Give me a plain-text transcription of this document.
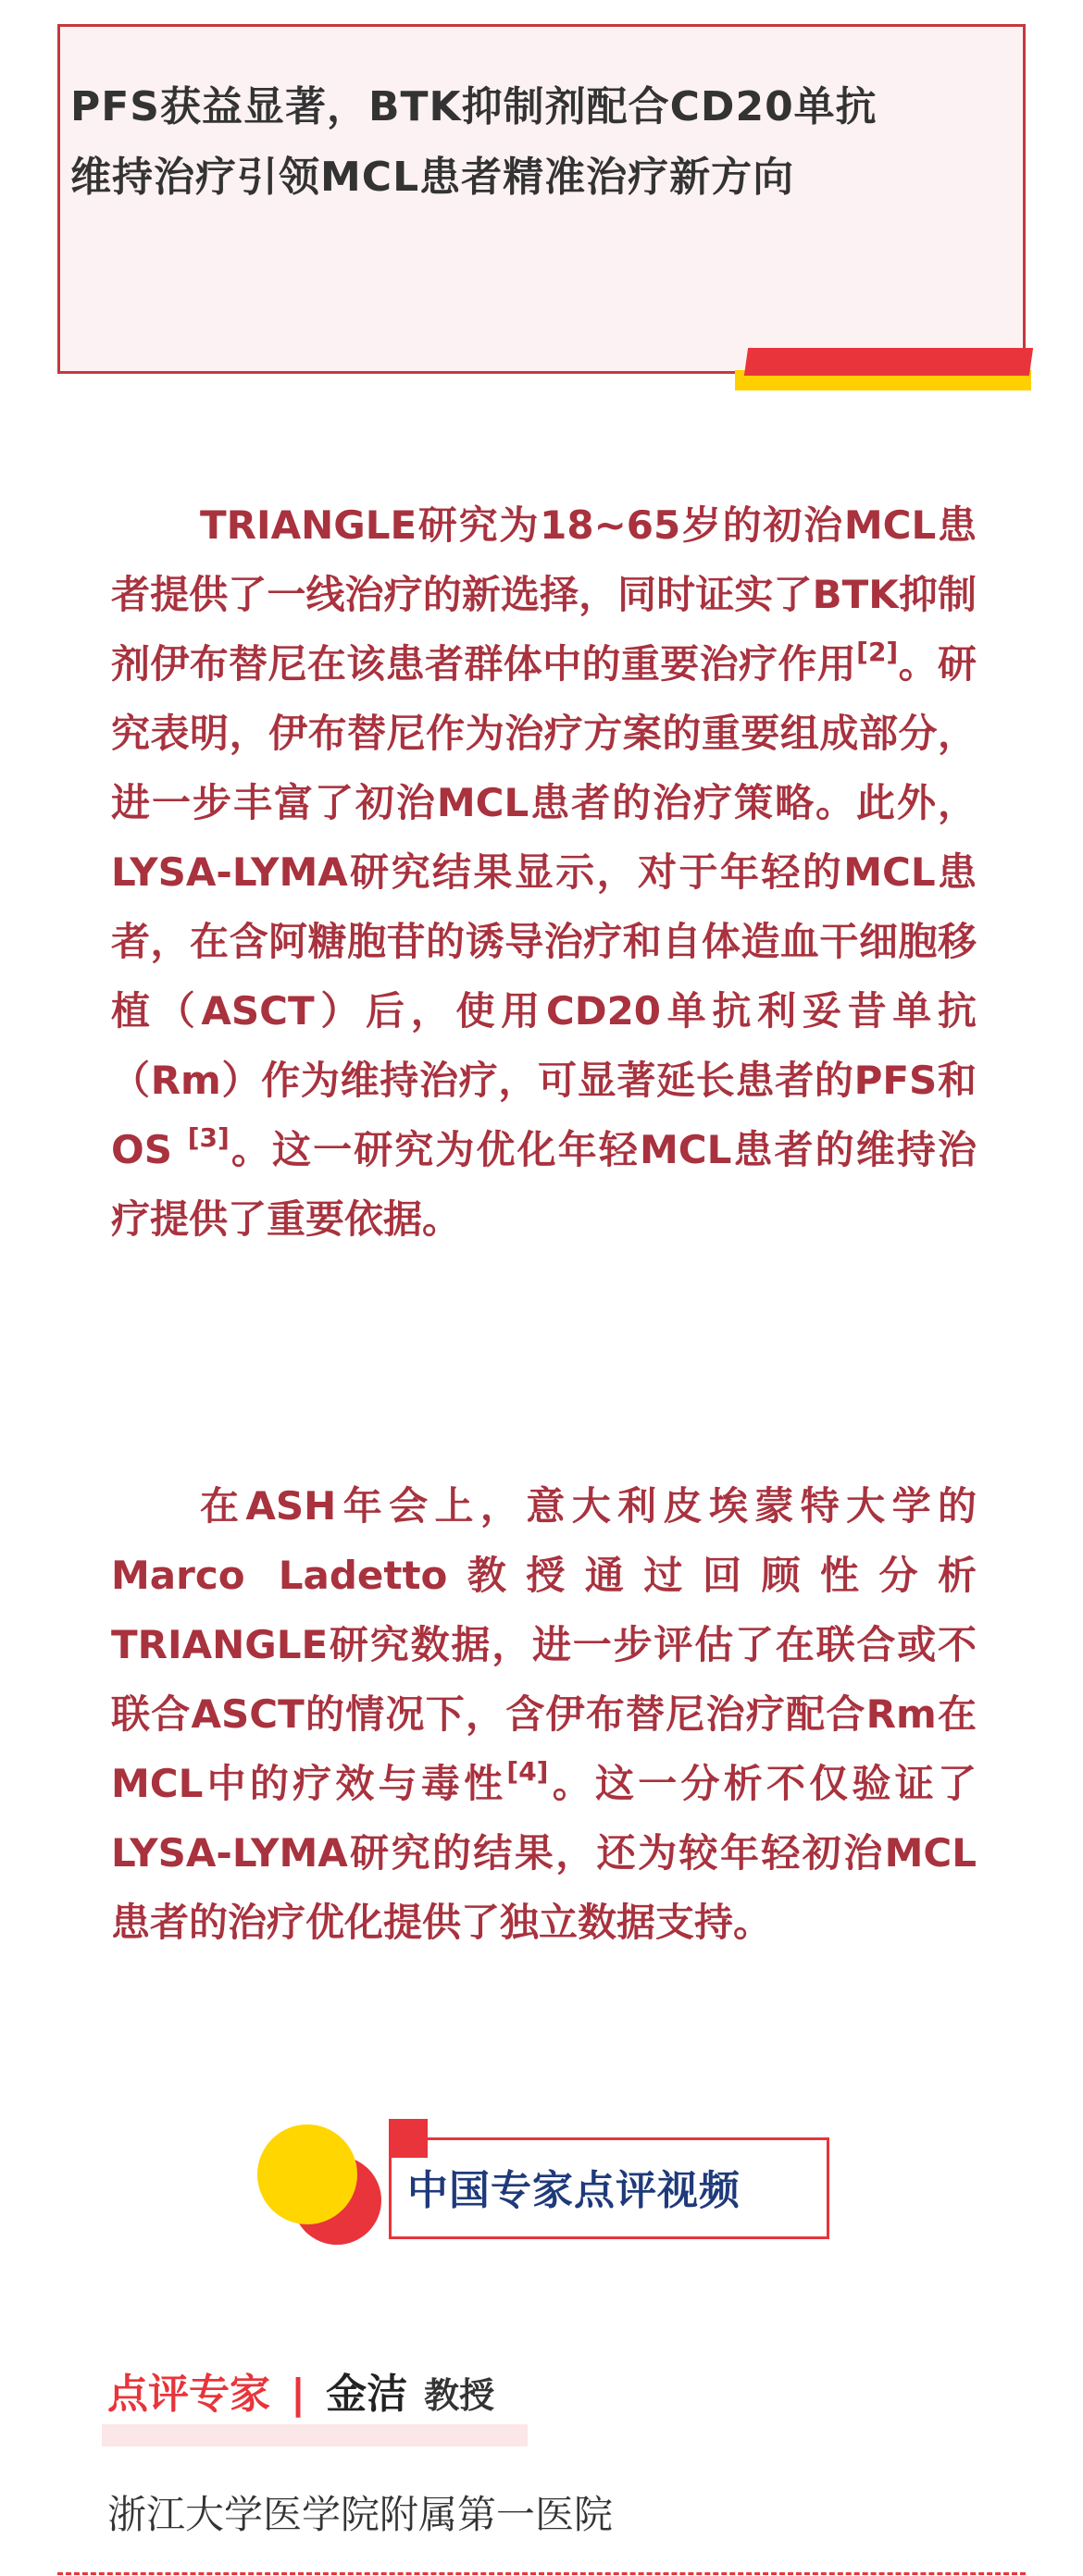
PFS获益显著，BTK抑制剂配合CD20单抗维持治疗引领MCL患者精准治疗新方向

TRIANGLE研究为18~65岁的初治MCL患者提供了一线治疗的新选择，同时证实了BTK抑制剂伊布替尼在该患者群体中的重要治疗作用[2]。研究表明，伊布替尼作为治疗方案的重要组成部分，进一步丰富了初治MCL患者的治疗策略。此外，LYSA-LYMA研究结果显示，对于年轻的MCL患者，在含阿糖胞苷的诱导治疗和自体造血干细胞移植（ASCT）后，使用CD20单抗利妥昔单抗（Rm）作为维持治疗，可显著延长患者的PFS和OS [3]。这一研究为优化年轻MCL患者的维持治疗提供了重要依据。

在ASH年会上，意大利皮埃蒙特大学的Marco Ladetto教授通过回顾性分析TRIANGLE研究数据，进一步评估了在联合或不联合ASCT的情况下，含伊布替尼治疗配合Rm在MCL中的疗效与毒性[4]。这一分析不仅验证了LYSA-LYMA研究的结果，还为较年轻初治MCL患者的治疗优化提供了独立数据支持。

中国专家点评视频

点评专家 | 金洁 教授

浙江大学医学院附属第一医院
